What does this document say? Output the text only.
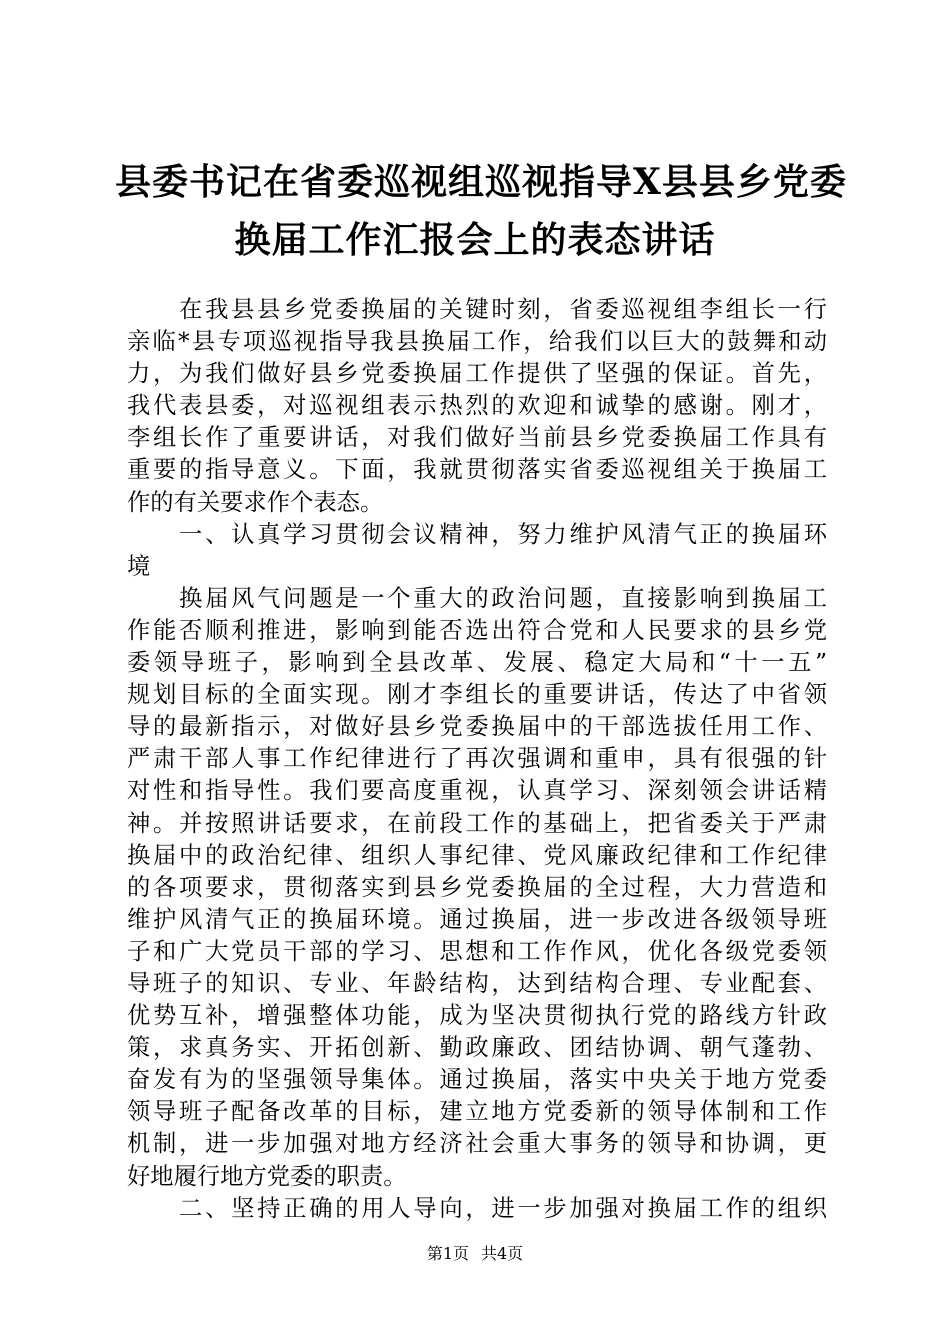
县委书记在省委巡视组巡视指导X县县乡党委
换届工作汇报会上的表态讲话
　　在我县县乡党委换届的关键时刻，省委巡视组李组长一行
亲临*县专项巡视指导我县换届工作，给我们以巨大的鼓舞和动
力，为我们做好县乡党委换届工作提供了坚强的保证。首先，
我代表县委，对巡视组表示热烈的欢迎和诚挚的感谢。刚才，
李组长作了重要讲话，对我们做好当前县乡党委换届工作具有
重要的指导意义。下面，我就贯彻落实省委巡视组关于换届工
作的有关要求作个表态。
　　一、认真学习贯彻会议精神，努力维护风清气正的换届环
境
　　换届风气问题是一个重大的政治问题，直接影响到换届工
作能否顺利推进，影响到能否选出符合党和人民要求的县乡党
委领导班子，影响到全县改革、发展、稳定大局和“十一五”
规划目标的全面实现。刚才李组长的重要讲话，传达了中省领
导的最新指示，对做好县乡党委换届中的干部选拔任用工作、
严肃干部人事工作纪律进行了再次强调和重申，具有很强的针
对性和指导性。我们要高度重视，认真学习、深刻领会讲话精
神。并按照讲话要求，在前段工作的基础上，把省委关于严肃
换届中的政治纪律、组织人事纪律、党风廉政纪律和工作纪律
的各项要求，贯彻落实到县乡党委换届的全过程，大力营造和
维护风清气正的换届环境。通过换届，进一步改进各级领导班
子和广大党员干部的学习、思想和工作作风，优化各级党委领
导班子的知识、专业、年龄结构，达到结构合理、专业配套、
优势互补，增强整体功能，成为坚决贯彻执行党的路线方针政
策，求真务实、开拓创新、勤政廉政、团结协调、朝气蓬勃、
奋发有为的坚强领导集体。通过换届，落实中央关于地方党委
领导班子配备改革的目标，建立地方党委新的领导体制和工作
机制，进一步加强对地方经济社会重大事务的领导和协调，更
好地履行地方党委的职责。
　　二、坚持正确的用人导向，进一步加强对换届工作的组织
第1页 共4页
